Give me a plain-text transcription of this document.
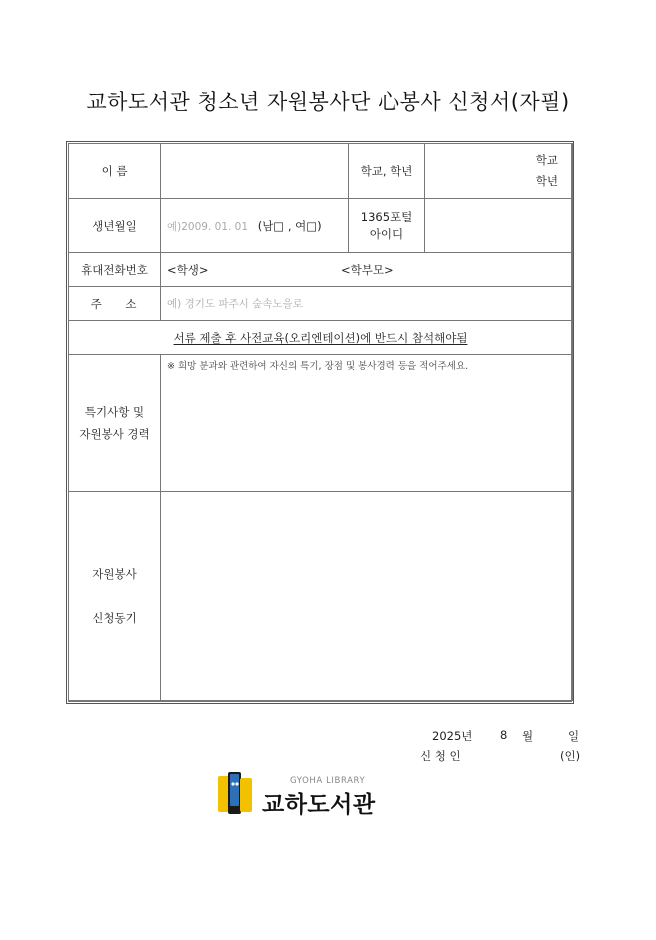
교하도서관 청소년 자원봉사단 心봉사 신청서(자필)
이 름		학교, 학년	학교
학년

생년월일	예)2009. 01. 01 (남□ , 여□)	1365포털
아이디	

휴대전화번호	<학생> <학부모>		

주 소	예) 경기도 파주시 숲속노을로		
서류 제출 후 사전교육(오리엔테이션)에 반드시 참석해야됨			

특기사항 및
자원봉사 경력	※ 희망 분과와 관련하여 자신의 특기, 장점 및 봉사경력 등을 적어주세요.		

자원봉사
신청동기			

2025년 8 월	일
신 청 인	(인)
GYOHA LIBRARY
교하도서관
